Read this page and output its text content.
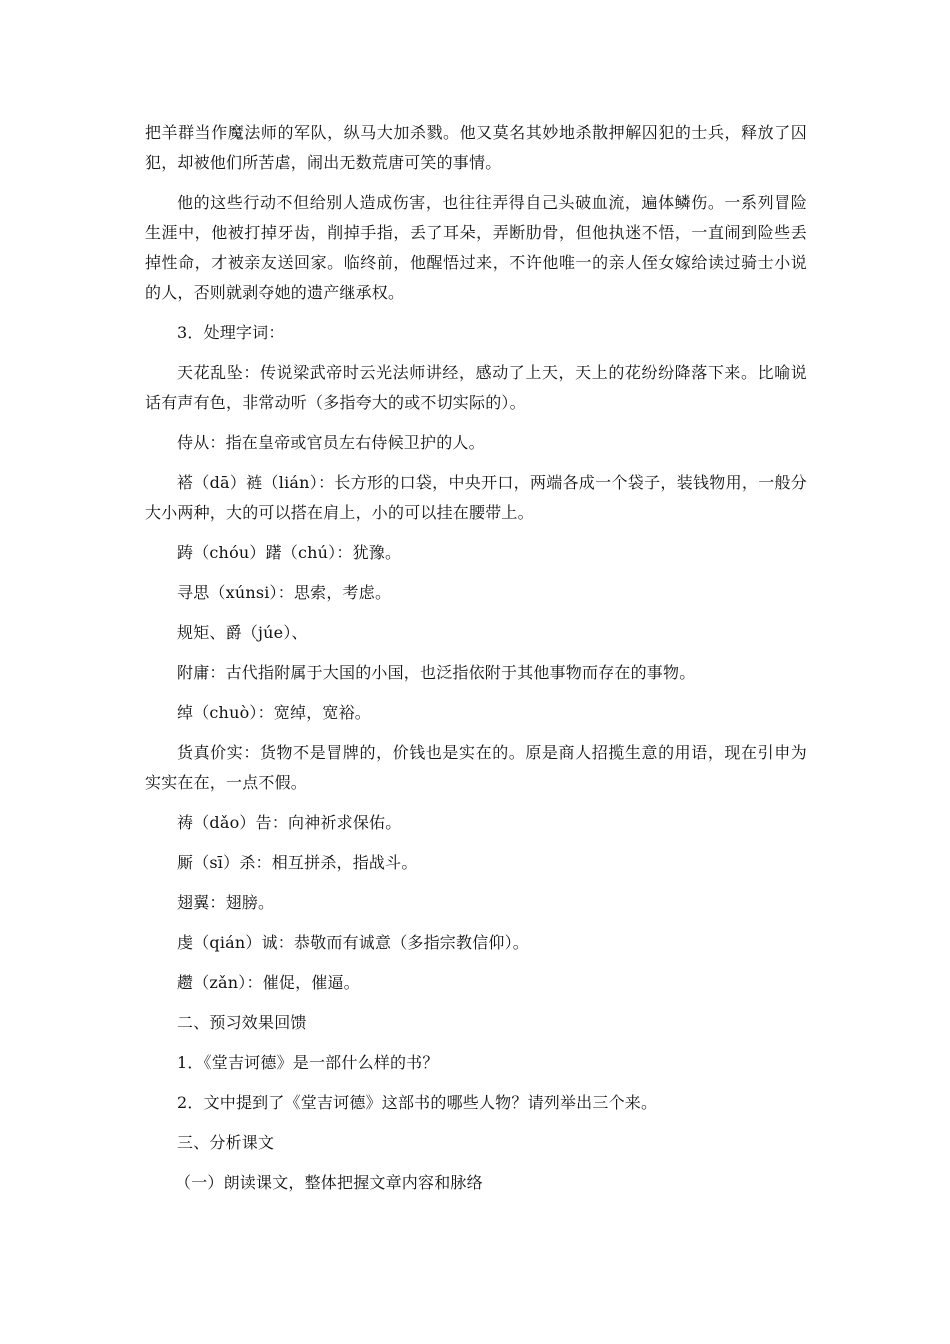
把羊群当作魔法师的军队，纵马大加杀戮。他又莫名其妙地杀散押解囚犯的士兵，释放了囚犯，却被他们所苦虐，闹出无数荒唐可笑的事情。

他的这些行动不但给别人造成伤害，也往往弄得自己头破血流，遍体鳞伤。一系列冒险生涯中，他被打掉牙齿，削掉手指，丢了耳朵，弄断肋骨，但他执迷不悟，一直闹到险些丢掉性命，才被亲友送回家。临终前，他醒悟过来，不许他唯一的亲人侄女嫁给读过骑士小说的人，否则就剥夺她的遗产继承权。

3．处理字词：

天花乱坠：传说梁武帝时云光法师讲经，感动了上天，天上的花纷纷降落下来。比喻说话有声有色，非常动听（多指夸大的或不切实际的）。

侍从：指在皇帝或官员左右侍候卫护的人。

褡（dā）裢（lián）：长方形的口袋，中央开口，两端各成一个袋子，装钱物用，一般分大小两种，大的可以搭在肩上，小的可以挂在腰带上。

踌（chóu）躇（chú）：犹豫。

寻思（xúnsi）：思索，考虑。

规矩、爵（júe）、

附庸：古代指附属于大国的小国，也泛指依附于其他事物而存在的事物。

绰（chuò）：宽绰，宽裕。

货真价实：货物不是冒牌的，价钱也是实在的。原是商人招揽生意的用语，现在引申为实实在在，一点不假。

祷（dǎo）告：向神祈求保佑。

厮（sī）杀：相互拼杀，指战斗。

翅翼：翅膀。

虔（qián）诚：恭敬而有诚意（多指宗教信仰）。

趱（zǎn）：催促，催逼。

二、预习效果回馈

1．《堂吉诃德》是一部什么样的书？

2．文中提到了《堂吉诃德》这部书的哪些人物？请列举出三个来。

三、分析课文

（一）朗读课文，整体把握文章内容和脉络
